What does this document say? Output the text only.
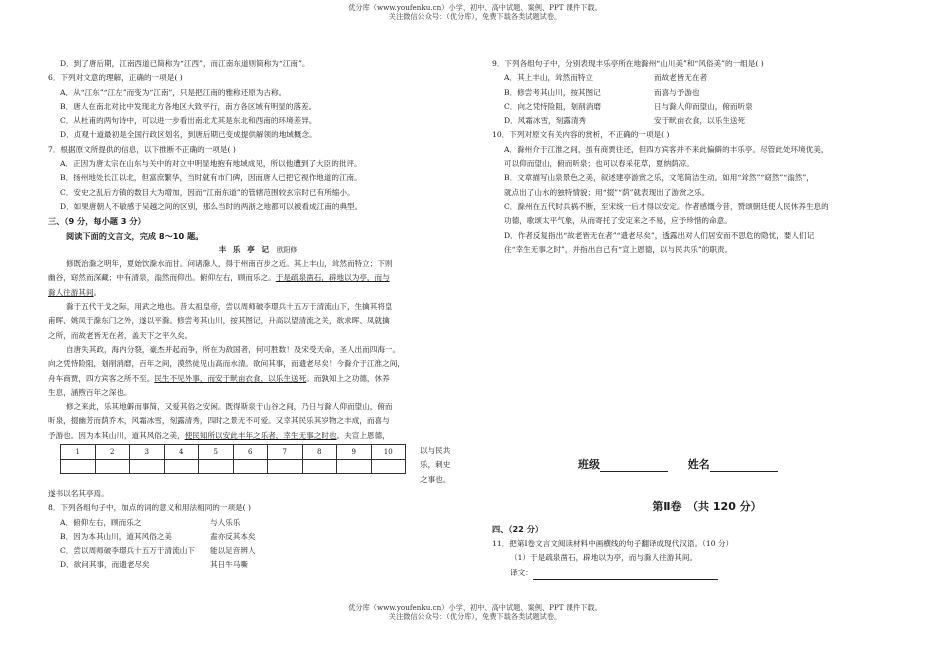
优分库（www.youfenku.cn）小学、初中、高中试题、案例、PPT 课件下载。
关注微信公众号：（优分库），免费下载各类试题试卷。
D．到了唐后期，江南西道已简称为“江西”，而江南东道则简称为“江南”。
6．下列对文意的理解，正确的一项是( )
A．从“江东”“江左”而变为“江南”，只是把江南的雅称还原为古称。
B．唐人在南北对比中发现北方各地区大致平行，南方各区域有明显的落差。
C．从杜甫的两句诗中，可以进一步看出南北尤其是东北和西南的环境差异。
D．贞观十道最初是全国行政区划名，到唐后期已变成提供解领的地域概念。
7．根据原文所提供的信息，以下推断不正确的一项是( )
A．正因为唐太宗在山东与关中的对立中明显地抱有地域成见，所以他遭到了大臣的批评。
B．扬州地处长江以北，但富庶繁华，当时就有市门碑，因而唐人已把它视作地道的江南。
C．安史之乱后方镇的数目大为增加，因而“江南东道”的管辖范围较玄宗时已有所缩小。
D．如果唐朝人不敏感于吴越之间的区别，那么当时的两浙之地都可以被看成江南的典型。
三、（9 分，每小题 3 分）
阅读下面的文言文，完成 8～10 题。
丰 乐 亭 记 欧阳修
修既治滁之明年，夏始饮滁水而甘。问诸滁人，得于州南百步之近。其上丰山，耸然而特立；下则
幽谷，窈然而深藏；中有清泉，滃然而仰出。俯仰左右，顾而乐之。于是疏泉凿石，辟地以为亭，而与
滁人往游其间。
滁于五代干戈之际，用武之地也。昔太祖皇帝，尝以周师破李璟兵十五万于清流山下，生擒其将皇
甫晖、姚凤于滁东门之外，遂以平滁。修尝考其山川，按其图记，升高以望清流之关，欲求晖、凤就擒
之所，而故老皆无在者，盖天下之平久矣。
自唐失其政，海内分裂，豪杰并起而争，所在为敌国者，何可胜数！及宋受天命，圣人出而四海一。
向之凭恃险阻，刬削消磨，百年之间，漠然徒见山高而水清。欲问其事，而遗老尽矣！今滁介于江淮之间，
舟车商贾，四方宾客之所不至。民生不见外事，而安于畎亩衣食，以乐生送死。而孰知上之功德，休养
生息，涵煦百年之深也。
修之来此，乐其地僻而事简，又爱其俗之安闲。既得斯泉于山谷之间，乃日与滁人仰而望山，俯而
听泉，掇幽芳而荫乔木，风霜冰雪，刻露清秀，四时之景无不可爱。又幸其民乐其岁物之丰成，而喜与
予游也。因为本其山川，道其风俗之美，使民知所以安此丰年之乐者，幸生无事之时也。夫宣上恩德，
1	2	3	4	5	6	7	8	9	10
										以与民共
乐，刺史
之事也。
遂书以名其亭焉。
8．下列各组句子中，加点的词的意义和用法相同的一项是( )
A．俯仰左右，顾而乐之	与人乐乐
B．因为本其山川，道其风俗之美	盍亦反其本矣
C．尝以周师破李璟兵十五万于清流山下	能以足音辨人
D．欲问其事，而遗老尽矣	其日牛马嘶
9．下列各组句子中，分别表现丰乐亭所在地滁州“山川美”和“风俗美”的一组是( )
A．其上丰山，耸然而特立	而故老皆无在者
B．修尝考其山川，按其图记	而喜与予游也
C．向之凭恃险阻，刬削消磨	日与滁人仰而望山，俯而听泉
D．风霜冰雪，刻露清秀	安于畎亩衣食，以乐生送死
10．下列对原文有关内容的赏析，不正确的一项是( )
A．滁州介于江淮之间，虽有商贾往还，但四方宾客并不来此偏僻的丰乐亭。尽管此处环境优美，
可以仰而望山，俯而听泉；也可以春采花草，夏纳荫凉。
B．文章描写山泉景色之美，叙述建亭游赏之乐，文笔简洁生动。如用“耸然”“窈然”“滃然”，
就点出了山水的独特情貌；用“掇”“荫”就表现出了游赏之乐。
C．滁州在五代时兵祸不断，至宋统一后才得以安定。作者感慨今昔，赞颂朝廷使人民休养生息的
功德，歌颂太平气象，从而寄托了安定来之不易，应予珍惜的命意。
D．作者反复指出“故老皆无在者”“遗老尽矣”，透露出对人们居安而不思危的隐忧，要人们记
住“幸生无事之时”，并指出自己有“宣上恩德，以与民共乐”的职责。
班级	姓名
第Ⅱ卷　（共 120 分）
四、（22 分）
11．把第Ⅰ卷文言文阅读材料中画横线的句子翻译成现代汉语。（10 分）
（1）于是疏泉凿石，辟地以为亭，而与滁人往游其间。
译文：
优分库（www.youfenku.cn）小学、初中、高中试题、案例、PPT 课件下载。
关注微信公众号：（优分库），免费下载各类试题试卷。
